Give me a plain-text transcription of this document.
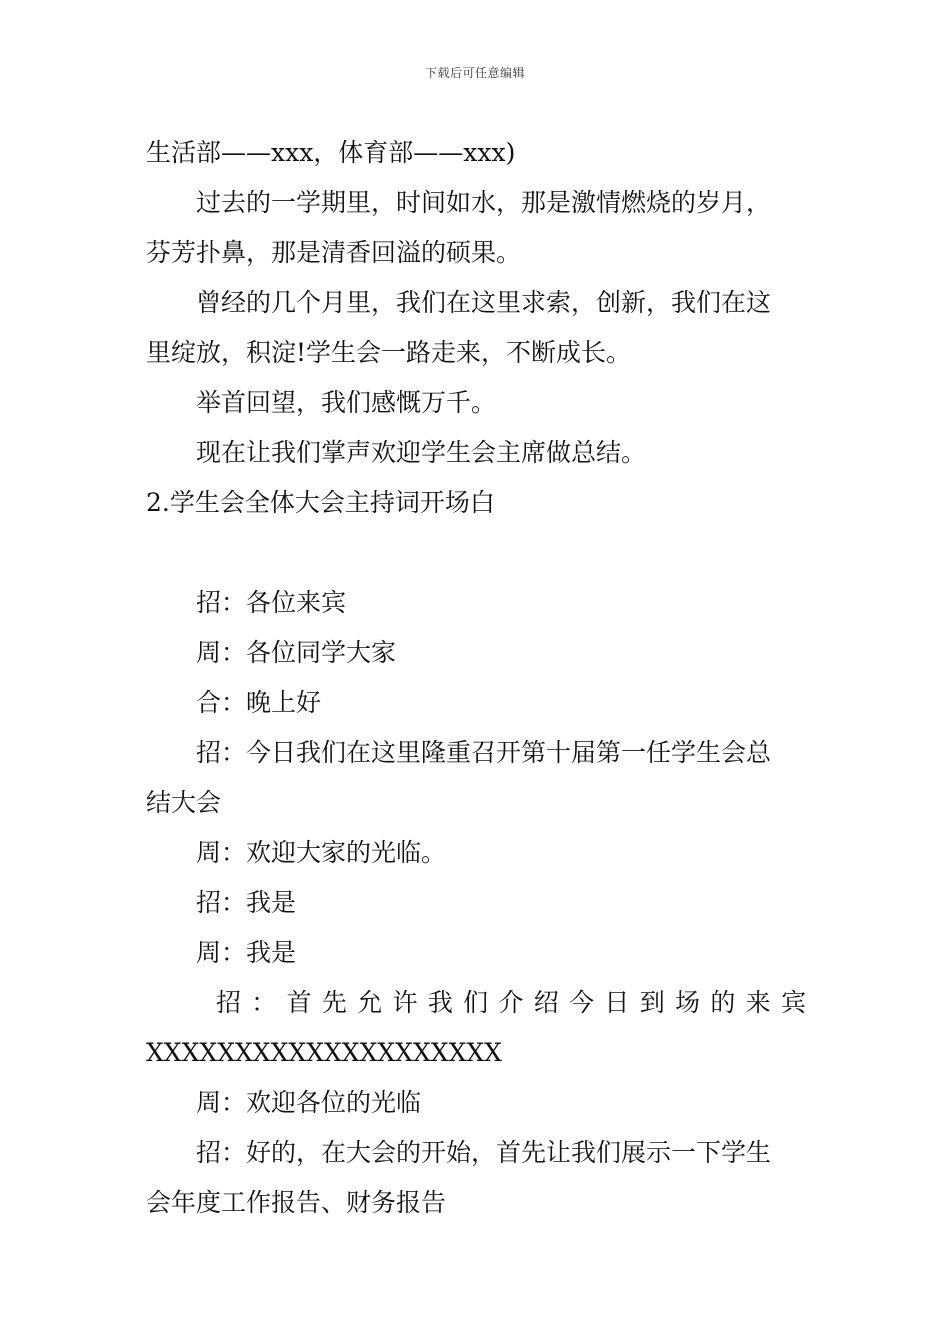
下载后可任意编辑
生活部——xxx，体育部——xxx)
过去的一学期里，时间如水，那是激情燃烧的岁月，
芬芳扑鼻，那是清香回溢的硕果。
曾经的几个月里，我们在这里求索，创新，我们在这
里绽放，积淀!学生会一路走来，不断成长。
举首回望，我们感慨万千。
现在让我们掌声欢迎学生会主席做总结。
2.学生会全体大会主持词开场白
招：各位来宾
周：各位同学大家
合：晚上好
招：今日我们在这里隆重召开第十届第一任学生会总
结大会
周：欢迎大家的光临。
招：我是
周：我是
招：首先允许我们介绍今日到场的来宾
XXXXXXXXXXXXXXXXXXXX
周：欢迎各位的光临
招：好的，在大会的开始，首先让我们展示一下学生
会年度工作报告、财务报告
